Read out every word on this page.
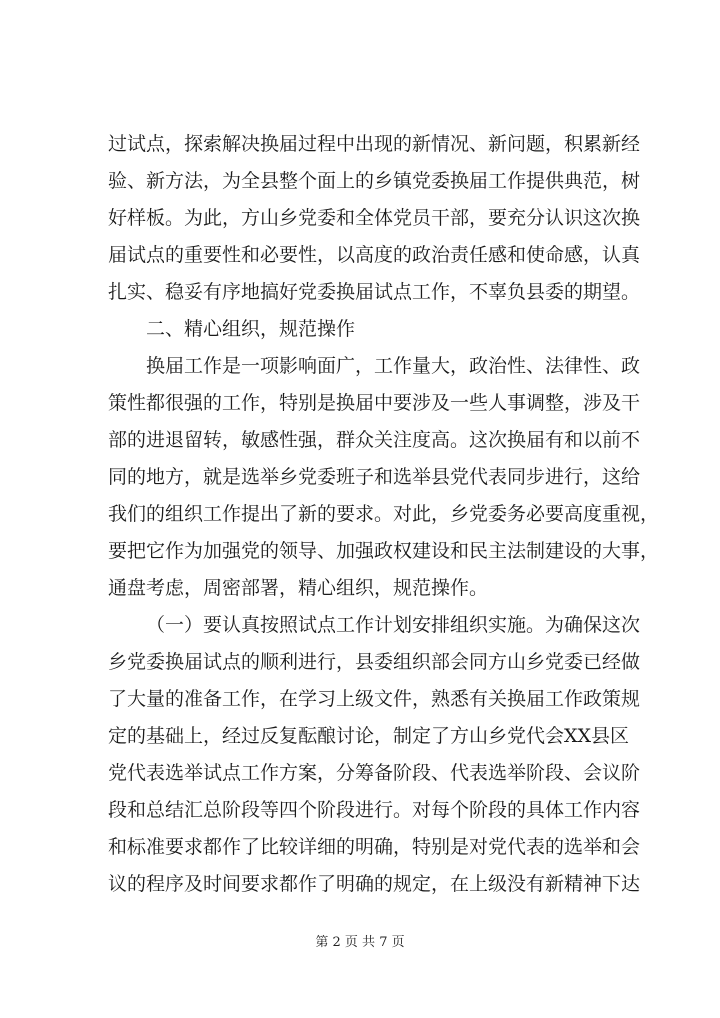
过试点，探索解决换届过程中出现的新情况、新问题，积累新经
验、新方法，为全县整个面上的乡镇党委换届工作提供典范，树
好样板。为此，方山乡党委和全体党员干部，要充分认识这次换
届试点的重要性和必要性，以高度的政治责任感和使命感，认真
扎实、稳妥有序地搞好党委换届试点工作，不辜负县委的期望。
二、精心组织，规范操作
换届工作是一项影响面广，工作量大，政治性、法律性、政
策性都很强的工作，特别是换届中要涉及一些人事调整，涉及干
部的进退留转，敏感性强，群众关注度高。这次换届有和以前不
同的地方，就是选举乡党委班子和选举县党代表同步进行，这给
我们的组织工作提出了新的要求。对此，乡党委务必要高度重视，
要把它作为加强党的领导、加强政权建设和民主法制建设的大事，
通盘考虑，周密部署，精心组织，规范操作。
（一）要认真按照试点工作计划安排组织实施。为确保这次
乡党委换届试点的顺利进行，县委组织部会同方山乡党委已经做
了大量的准备工作，在学习上级文件，熟悉有关换届工作政策规
定的基础上，经过反复酝酿讨论，制定了方山乡党代会XX县区
党代表选举试点工作方案，分筹备阶段、代表选举阶段、会议阶
段和总结汇总阶段等四个阶段进行。对每个阶段的具体工作内容
和标准要求都作了比较详细的明确，特别是对党代表的选举和会
议的程序及时间要求都作了明确的规定，在上级没有新精神下达
第 2 页 共 7 页
